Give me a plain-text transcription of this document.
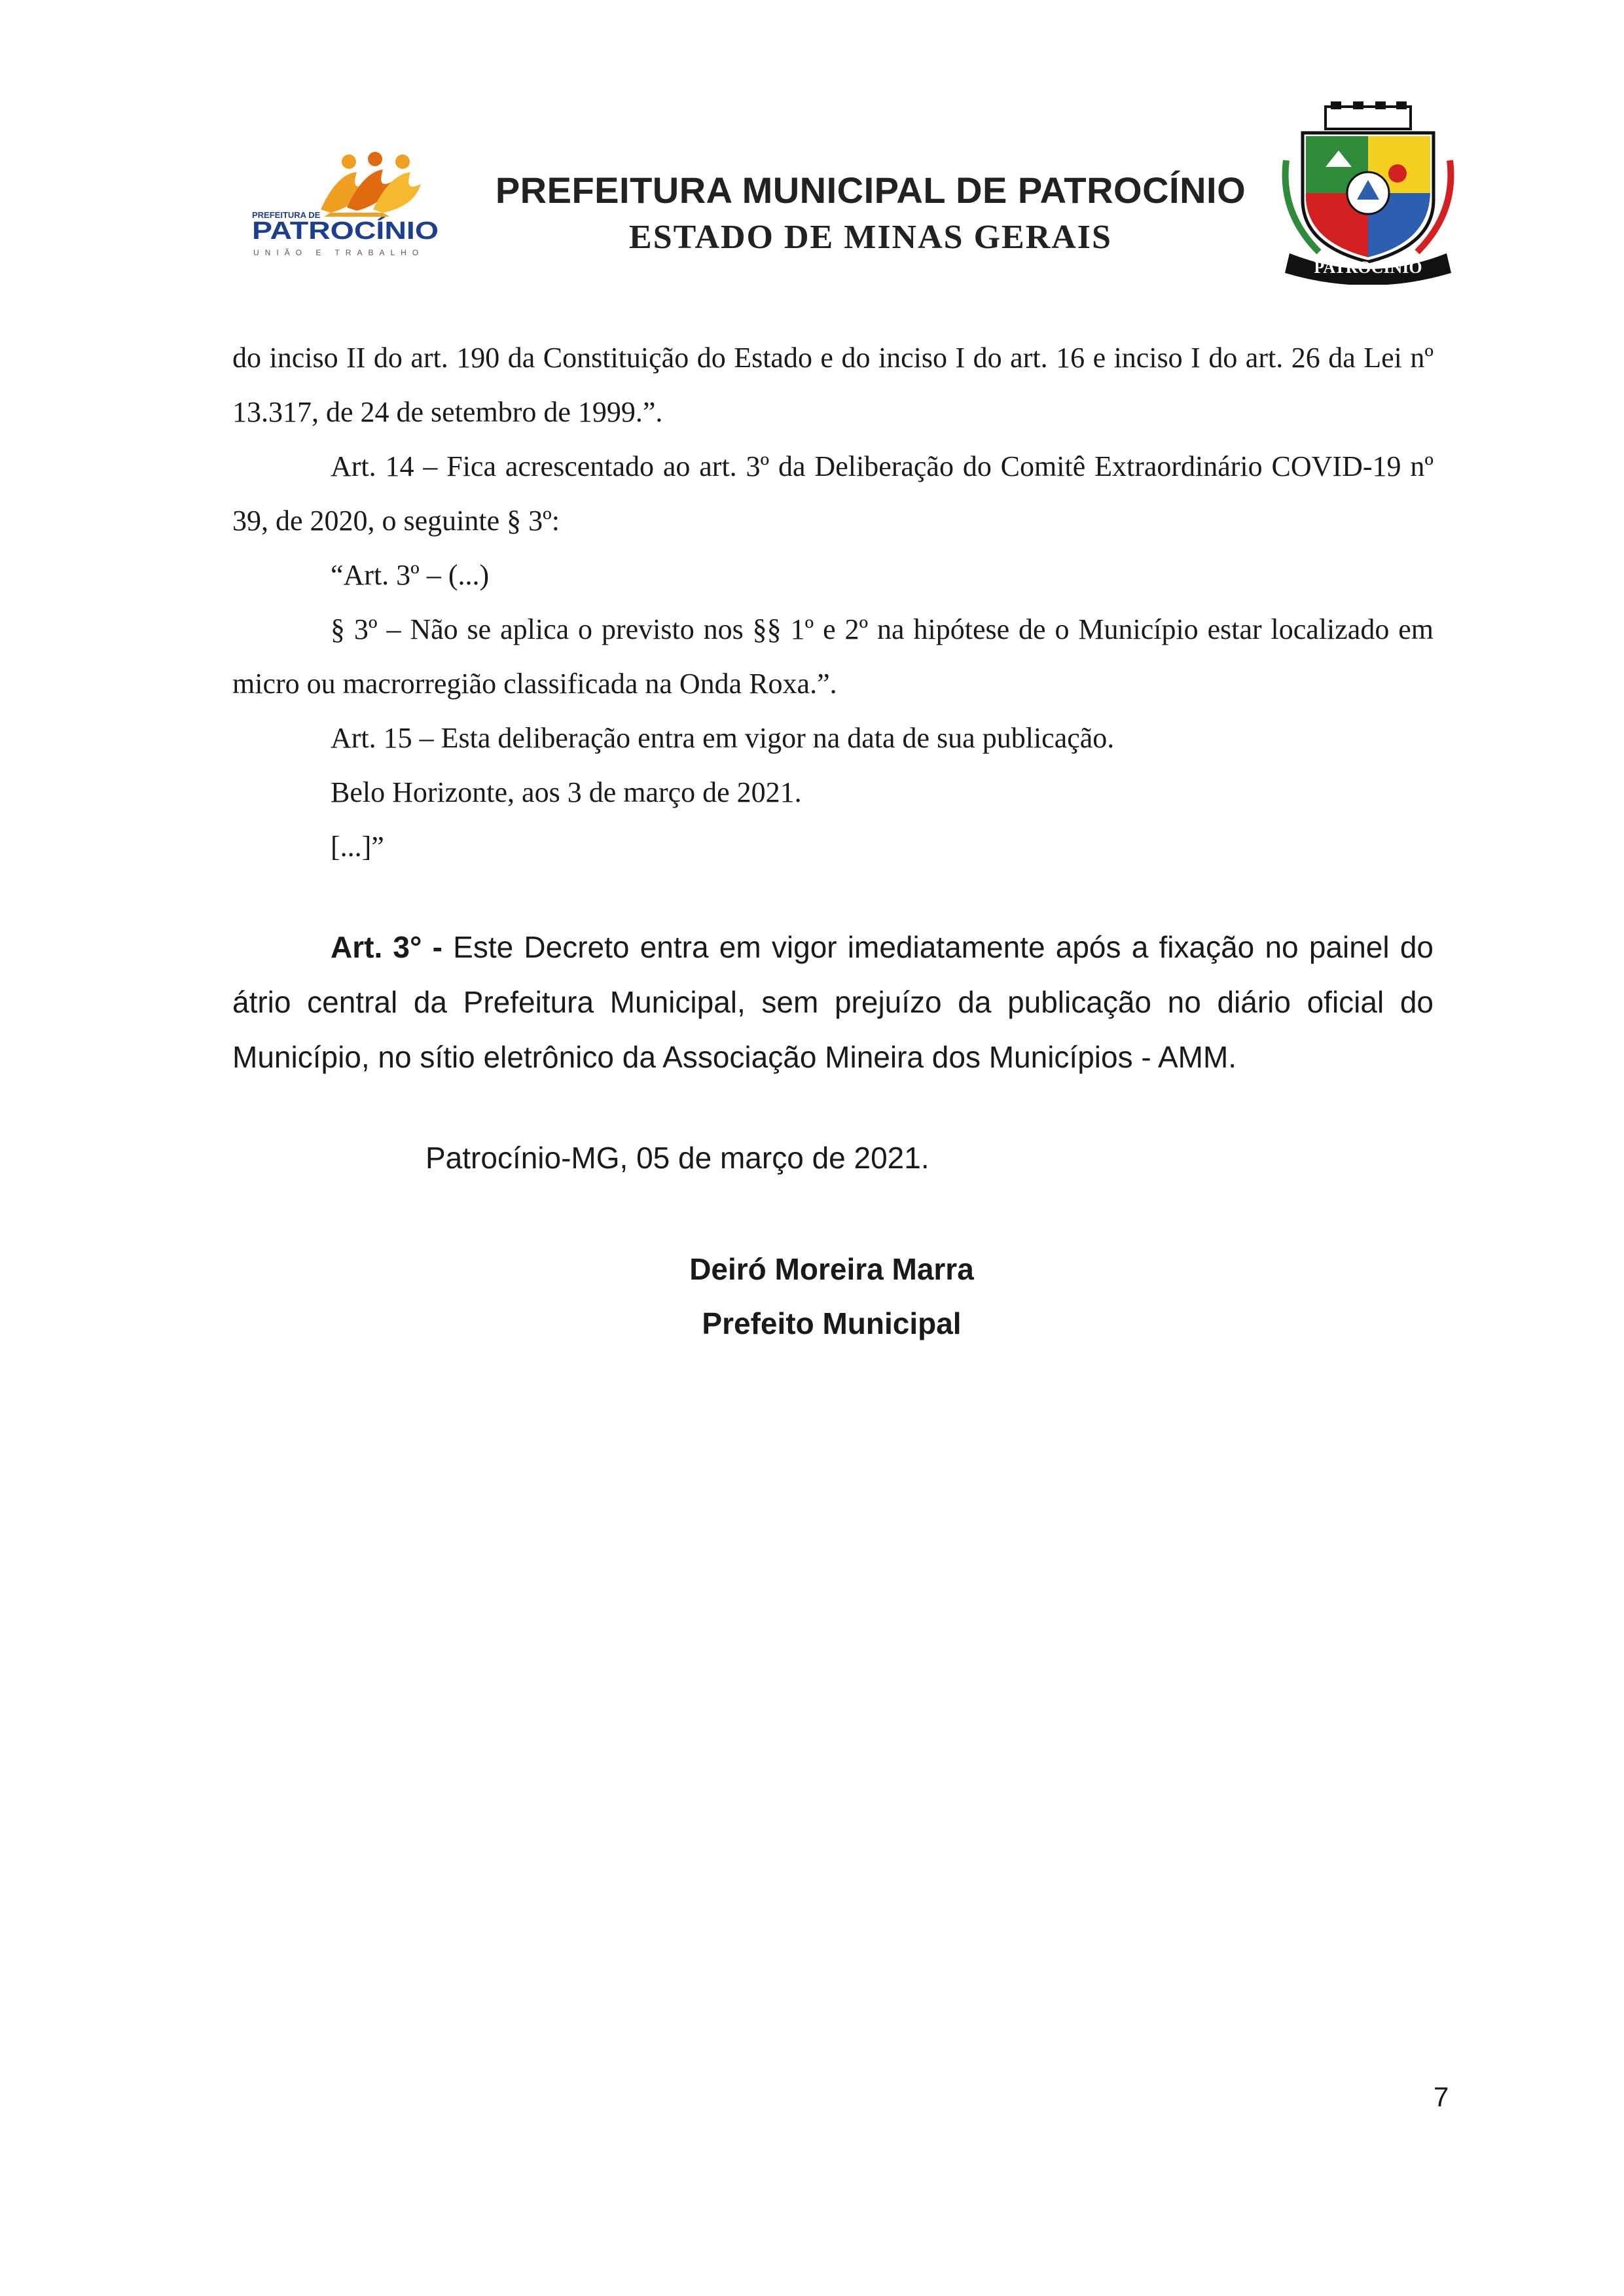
PREFEITURA DE
PATROCÍNIO
UNIÃO E TRABALHO
PREFEITURA MUNICIPAL DE PATROCÍNIO
ESTADO DE MINAS GERAIS
PATROCINIO

do inciso II do art. 190 da Constituição do Estado e do inciso I do art. 16 e inciso I do art. 26 da Lei nº 13.317, de 24 de setembro de 1999.”.

Art. 14 – Fica acrescentado ao art. 3º da Deliberação do Comitê Extraordinário COVID-19 nº 39, de 2020, o seguinte § 3º:

“Art. 3º – (...)

§ 3º – Não se aplica o previsto nos §§ 1º e 2º na hipótese de o Município estar localizado em micro ou macrorregião classificada na Onda Roxa.”.

Art. 15 – Esta deliberação entra em vigor na data de sua publicação.

Belo Horizonte, aos 3 de março de 2021.

[...]”

Art. 3° - Este Decreto entra em vigor imediatamente após a fixação no painel do átrio central da Prefeitura Municipal, sem prejuízo da publicação no diário oficial do Município, no sítio eletrônico da Associação Mineira dos Municípios - AMM.

Patrocínio-MG, 05 de março de 2021.
Deiró Moreira Marra
Prefeito Municipal
7
